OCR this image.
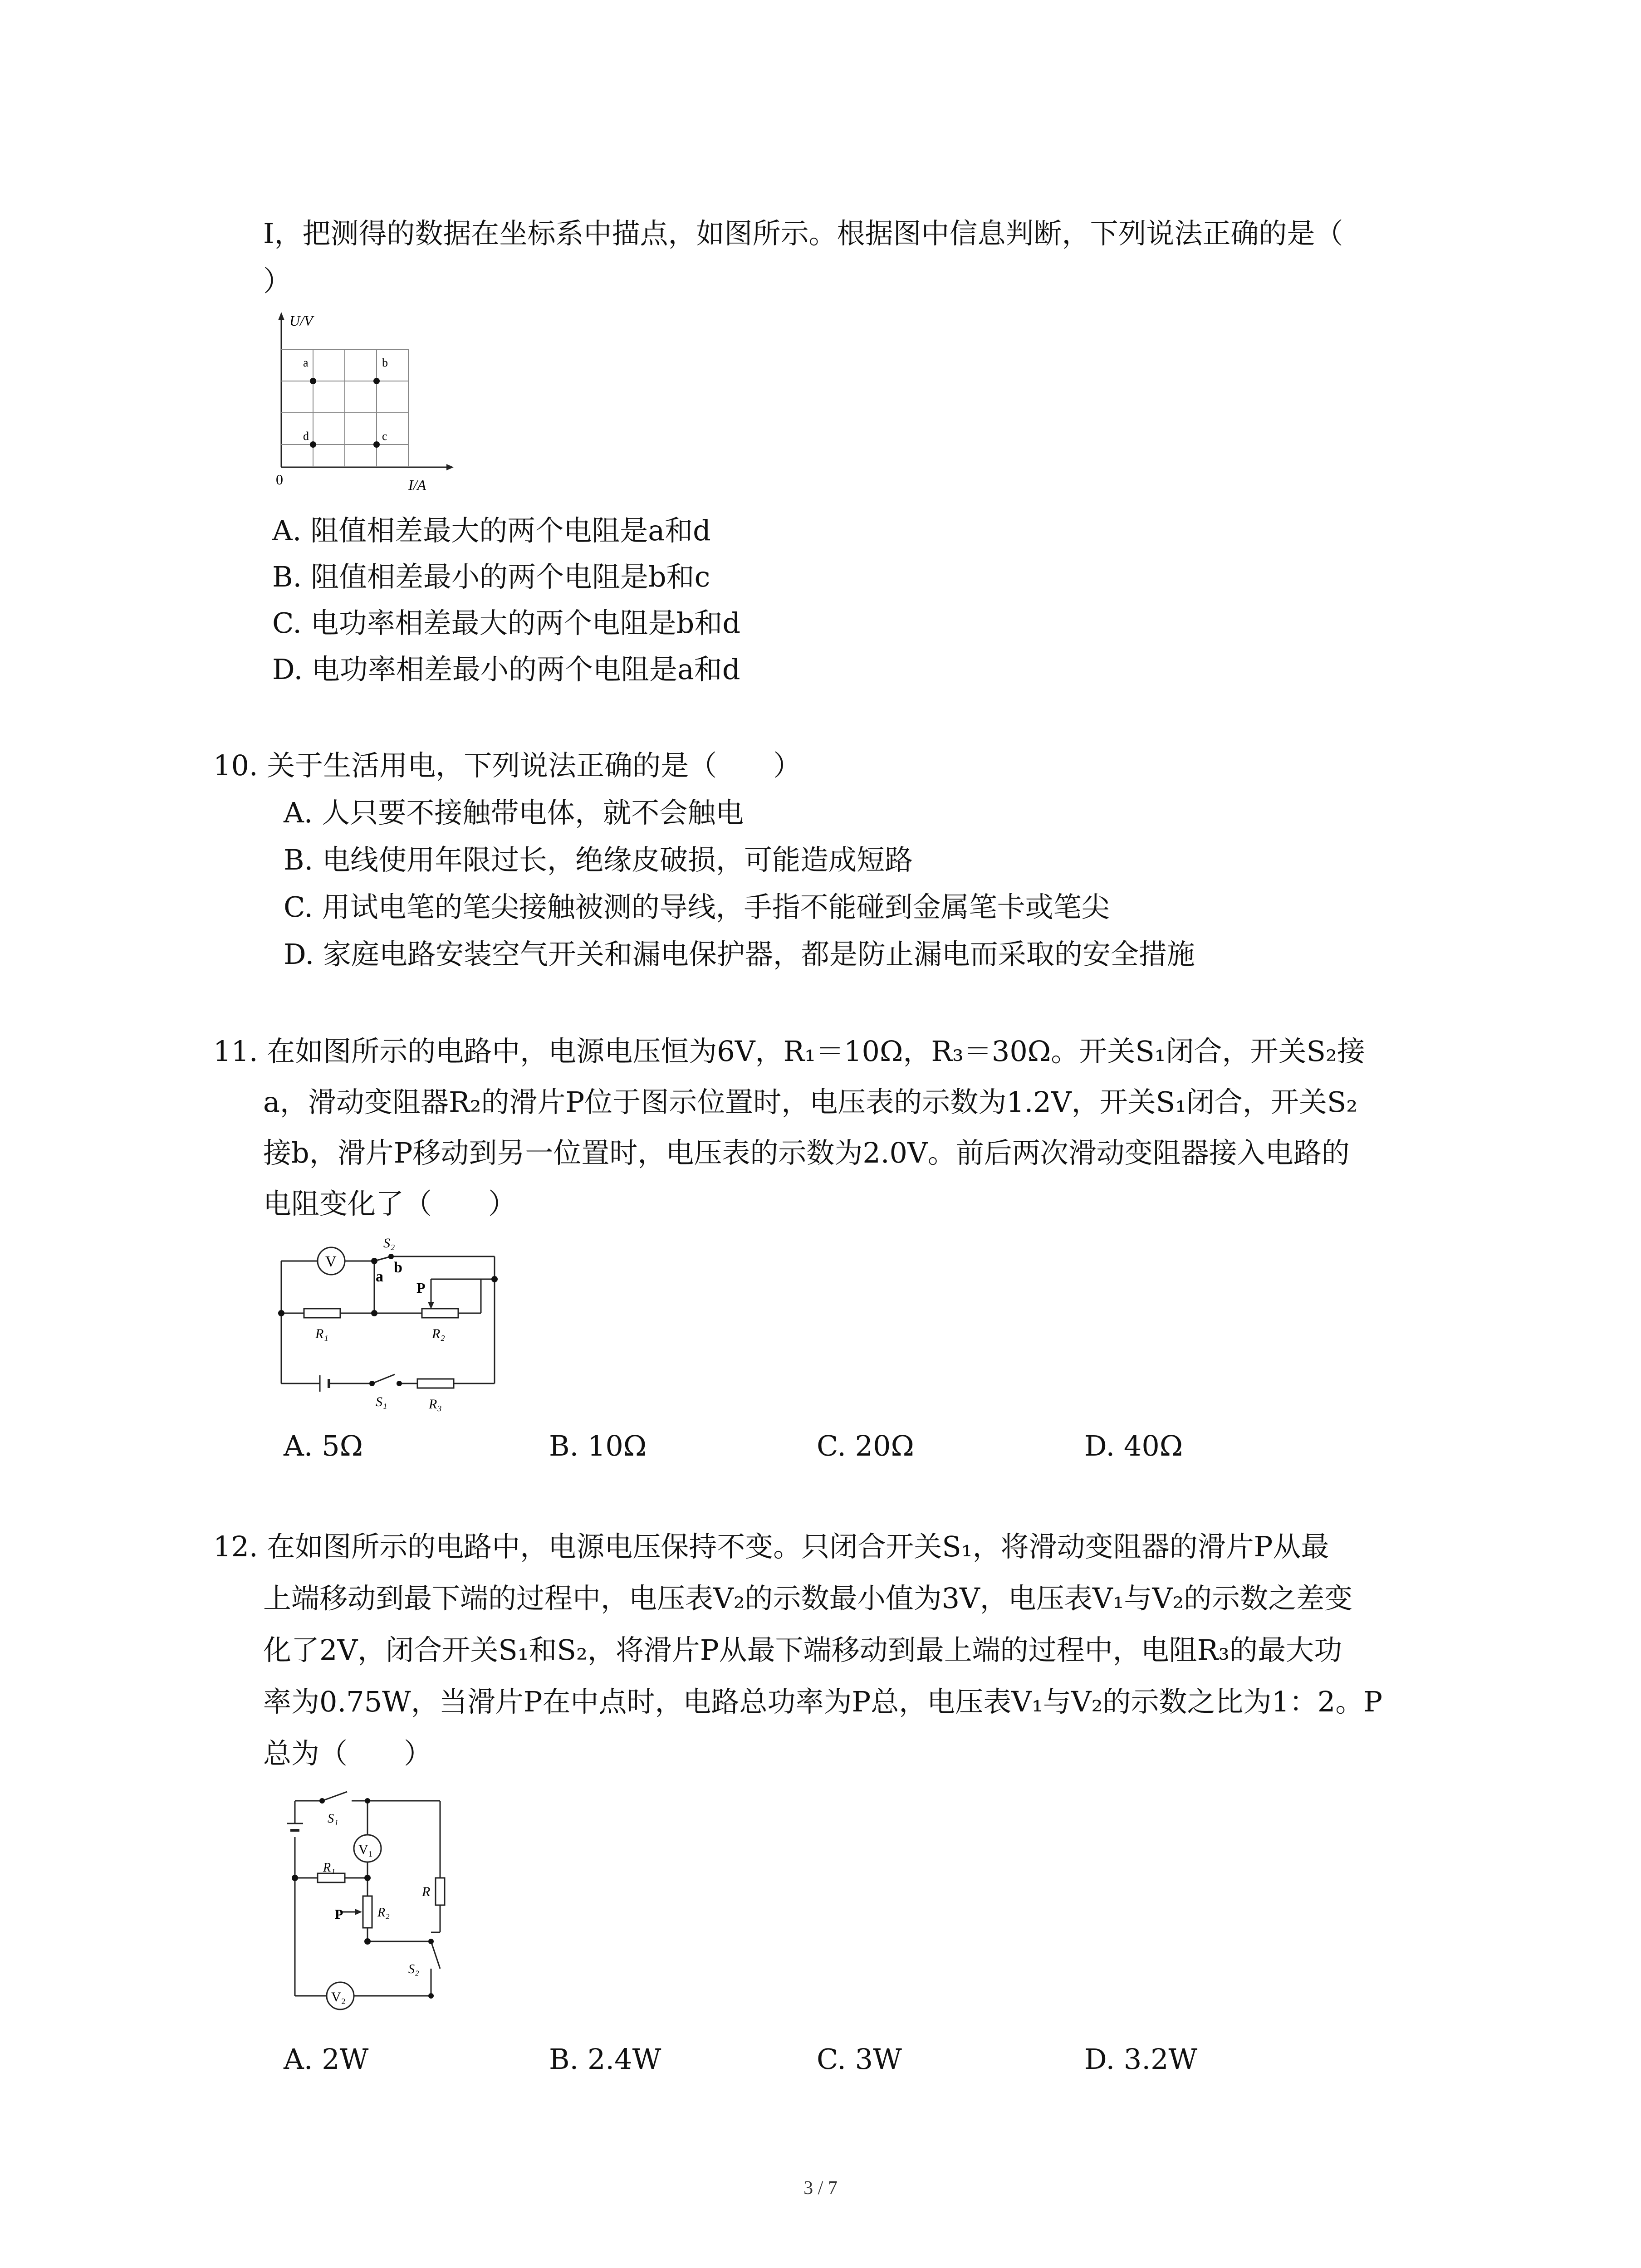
I，把测得的数据在坐标系中描点，如图所示。根据图中信息判断，下列说法正确的是（
）
a	b
c
d
U/V
I/A
0
A. 阻值相差最大的两个电阻是a和d
B. 阻值相差最小的两个电阻是b和c
C. 电功率相差最大的两个电阻是b和d
D. 电功率相差最小的两个电阻是a和d
10. 关于生活用电，下列说法正确的是（　　）
A. 人只要不接触带电体，就不会触电
B. 电线使用年限过长，绝缘皮破损，可能造成短路
C. 用试电笔的笔尖接触被测的导线，手指不能碰到金属笔卡或笔尖
D. 家庭电路安装空气开关和漏电保护器，都是防止漏电而采取的安全措施
11. 在如图所示的电路中，电源电压恒为6V，R₁＝10Ω，R₃＝30Ω。开关S₁闭合，开关S₂接
a，滑动变阻器R₂的滑片P位于图示位置时，电压表的示数为1.2V，开关S₁闭合，开关S₂
接b，滑片P移动到另一位置时，电压表的示数为2.0V。前后两次滑动变阻器接入电路的
电阻变化了（　　）
V
R₁	R₂
P
R₃
S₁
S₂
a
b
A. 5Ω	B. 10Ω	C. 20Ω	D. 40Ω
12. 在如图所示的电路中，电源电压保持不变。只闭合开关S₁，将滑动变阻器的滑片P从最
上端移动到最下端的过程中，电压表V₂的示数最小值为3V，电压表V₁与V₂的示数之差变
化了2V，闭合开关S₁和S₂，将滑片P从最下端移动到最上端的过程中，电阻R₃的最大功
率为0.75W，当滑片P在中点时，电路总功率为P总，电压表V₁与V₂的示数之比为1：2。P
总为（　　）
V₁
R₁
R
R₂
P
S₁
S₂
V₂
A. 2W	B. 2.4W	C. 3W	D. 3.2W
3 / 7
